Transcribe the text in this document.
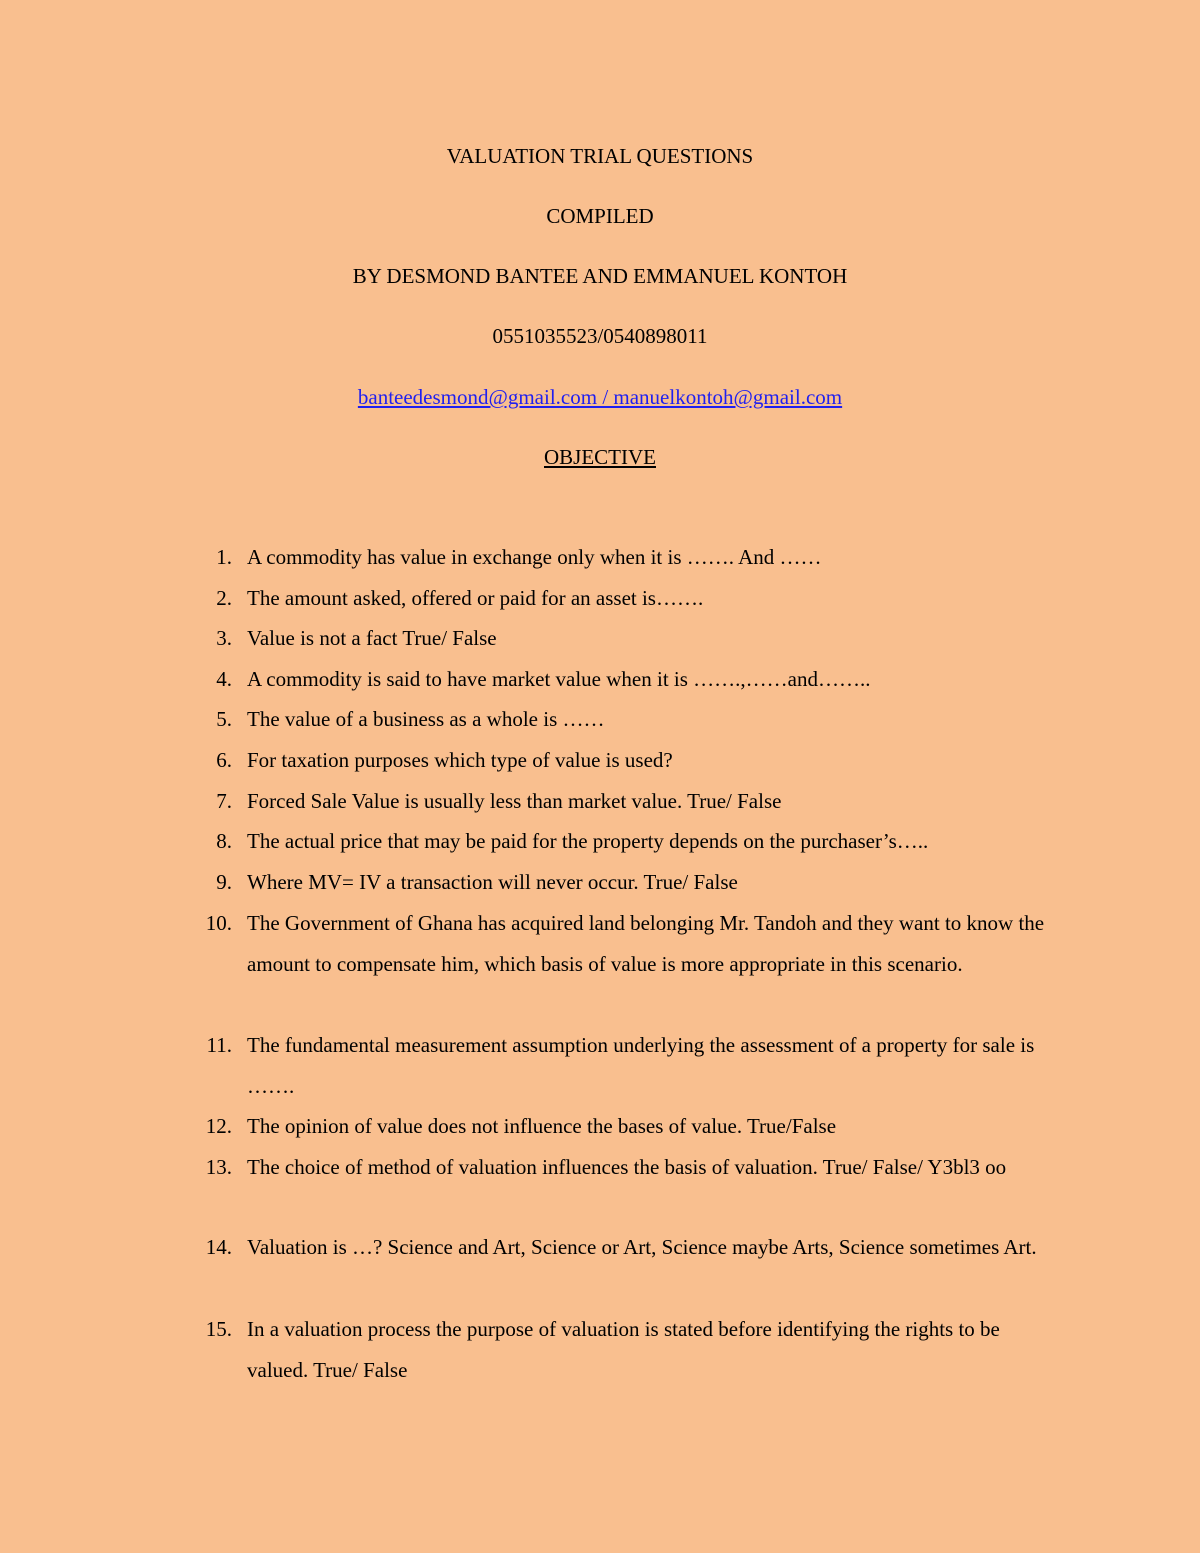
VALUATION TRIAL QUESTIONS
COMPILED
BY DESMOND BANTEE AND EMMANUEL KONTOH
0551035523/0540898011
banteedesmond@gmail.com / manuelkontoh@gmail.com
OBJECTIVE
1. A commodity has value in exchange only when it is ……. And ……
2. The amount asked, offered or paid for an asset is…….
3. Value is not a fact True/ False
4. A commodity is said to have market value when it is …….,……and……..
5. The value of a business as a whole is ……
6. For taxation purposes which type of value is used?
7. Forced Sale Value is usually less than market value. True/ False
8. The actual price that may be paid for the property depends on the purchaser’s…..
9. Where MV= IV a transaction will never occur. True/ False
10. The Government of Ghana has acquired land belonging Mr. Tandoh and they want to know the amount to compensate him, which basis of value is more appropriate in this scenario.
11. The fundamental measurement assumption underlying the assessment of a property for sale is …….
12. The opinion of value does not influence the bases of value. True/False
13. The choice of method of valuation influences the basis of valuation. True/ False/ Y3bl3 oo
14. Valuation is …? Science and Art, Science or Art, Science maybe Arts, Science sometimes Art.
15. In a valuation process the purpose of valuation is stated before identifying the rights to be valued. True/ False
